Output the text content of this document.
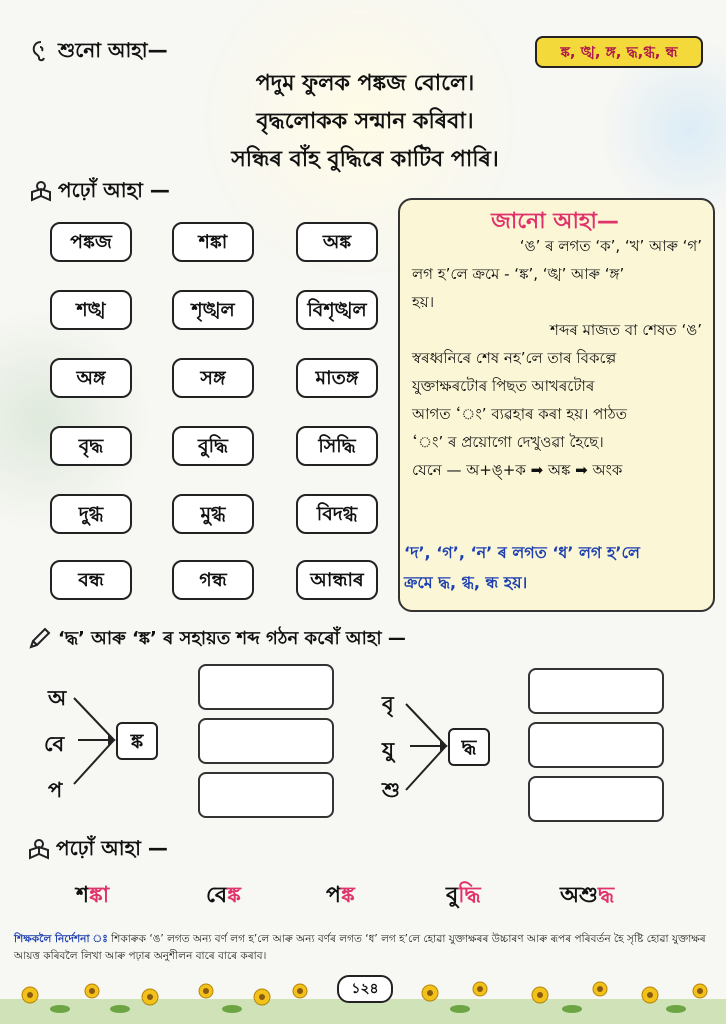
শুনো আহা—	ঙ্ক, ঙ্খ, ঙ্গ, দ্ধ,গ্ধ, ন্ধ
পদুম ফুলক পঙ্কজ বোলে।
বৃদ্ধলোকক সন্মান কৰিবা।
সন্ধিৰ বাঁহ বুদ্ধিৰে কাটিব পাৰি।
পঢ়োঁ আহা —
পঙ্কজ	শঙ্কা	অঙ্ক
শঙ্খ	শৃঙ্খল	বিশৃঙ্খল
অঙ্গ	সঙ্গ	মাতঙ্গ
বৃদ্ধ	বুদ্ধি	সিদ্ধি
দুগ্ধ	মুগ্ধ	বিদগ্ধ
বন্ধ	গন্ধ	আন্ধাৰ
জানো আহা—
‘ঙ’ ৰ লগত ‘ক’, ‘খ’ আৰু ‘গ’
লগ হ’লে ক্ৰমে - ‘ঙ্ক’, ‘ঙ্খ’ আৰু ‘ঙ্গ’
হয়।
শব্দৰ মাজত বা শেষত ‘ঙ’
স্বৰধ্বনিৰে শেষ নহ’লে তাৰ বিকল্পে
যুক্তাক্ষৰটোৰ পিছত আখৰটোৰ
আগত ‘ং’ ব্যৱহাৰ কৰা হয়। পাঠত
‘ং’ ৰ প্ৰয়োগো দেখুওৱা হৈছে।
যেনে — অ+ঙ্+ক ➡ অঙ্ক ➡ অংক
‘দ’, ‘গ’, ‘ন’ ৰ লগত ‘ধ’ লগ হ’লে
ক্ৰমে দ্ধ, গ্ধ, ন্ধ হয়।
‘দ্ধ’ আৰু ‘ঙ্ক’ ৰ সহায়ত শব্দ গঠন কৰোঁ আহা —
অ
বে
প
ঙ্ক
বৃ
যু
শু
দ্ধ
পঢ়োঁ আহা —
শঙ্কা	বেঙ্ক	পঙ্ক	বুদ্ধি	অশুদ্ধ
শিক্ষকলৈ নিৰ্দেশনা ঃ শিকাৰুক ‘ঙ’ লগত অন্য বৰ্ণ লগ হ’লে আৰু অন্য বৰ্ণৰ লগত ‘ধ’ লগ হ’লে হোৱা যুক্তাক্ষৰৰ উচ্চাৰণ আৰু ৰূপৰ পৰিবৰ্তন হৈ সৃষ্টি হোৱা যুক্তাক্ষৰ আয়ত্ত কৰিবলৈ লিখা আৰু পঢ়াৰ অনুশীলন বাৰে বাৰে কৰাব।
১২৪
